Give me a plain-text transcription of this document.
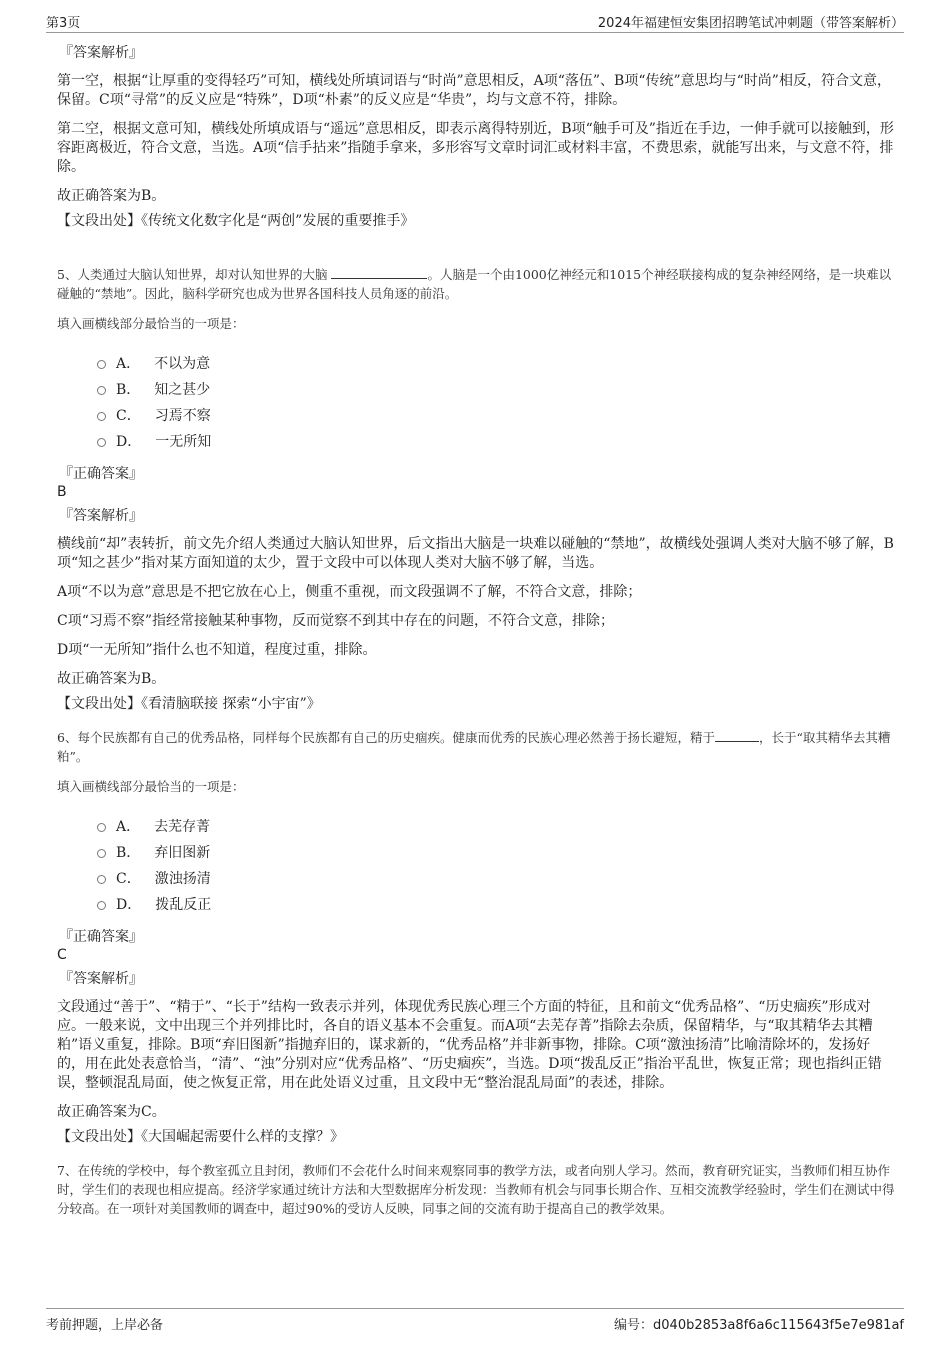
第3页	2024年福建恒安集团招聘笔试冲刺题（带答案解析）

『答案解析』

第一空，根据“让厚重的变得轻巧”可知，横线处所填词语与“时尚”意思相反，A项“落伍”、B项“传统”意思均与“时尚”相反，符合文意，保留。C项“寻常”的反义应是“特殊”，D项“朴素”的反义应是“华贵”，均与文意不符，排除。

第二空，根据文意可知，横线处所填成语与“遥远”意思相反，即表示离得特别近，B项“触手可及”指近在手边，一伸手就可以接触到，形容距离极近，符合文意，当选。A项“信手拈来”指随手拿来，多形容写文章时词汇或材料丰富，不费思索，就能写出来，与文意不符，排除。

故正确答案为B。

【文段出处】《传统文化数字化是“两创”发展的重要推手》

5、人类通过大脑认知世界，却对认知世界的大脑	。人脑是一个由1000亿神经元和1015个神经联接构成的复杂神经网络，是一块难以碰触的“禁地”。因此，脑科学研究也成为世界各国科技人员角逐的前沿。

填入画横线部分最恰当的一项是：

A． 不以为意
B． 知之甚少
C． 习焉不察
D． 一无所知

『正确答案』

B

『答案解析』

横线前“却”表转折，前文先介绍人类通过大脑认知世界，后文指出大脑是一块难以碰触的“禁地”，故横线处强调人类对大脑不够了解，B项“知之甚少”指对某方面知道的太少，置于文段中可以体现人类对大脑不够了解，当选。

A项“不以为意”意思是不把它放在心上，侧重不重视，而文段强调不了解，不符合文意，排除；

C项“习焉不察”指经常接触某种事物，反而觉察不到其中存在的问题，不符合文意，排除；

D项“一无所知”指什么也不知道，程度过重，排除。

故正确答案为B。

【文段出处】《看清脑联接 探索“小宇宙”》

6、每个民族都有自己的优秀品格，同样每个民族都有自己的历史痼疾。健康而优秀的民族心理必然善于扬长避短，精于	，长于“取其精华去其糟粕”。

填入画横线部分最恰当的一项是：

A． 去芜存菁
B． 弃旧图新
C． 激浊扬清
D． 拨乱反正

『正确答案』

C

『答案解析』

文段通过“善于”、“精于”、“长于”结构一致表示并列，体现优秀民族心理三个方面的特征，且和前文“优秀品格”、“历史痼疾”形成对应。一般来说，文中出现三个并列排比时，各自的语义基本不会重复。而A项“去芜存菁”指除去杂质，保留精华，与“取其精华去其糟粕”语义重复，排除。B项“弃旧图新”指抛弃旧的，谋求新的，“优秀品格”并非新事物，排除。C项“激浊扬清”比喻清除坏的，发扬好的，用在此处表意恰当，“清”、“浊”分别对应“优秀品格”、“历史痼疾”，当选。D项“拨乱反正”指治平乱世，恢复正常；现也指纠正错误，整顿混乱局面，使之恢复正常，用在此处语义过重，且文段中无“整治混乱局面”的表述，排除。

故正确答案为C。

【文段出处】《大国崛起需要什么样的支撑？》

7、在传统的学校中，每个教室孤立且封闭，教师们不会花什么时间来观察同事的教学方法，或者向别人学习。然而，教育研究证实，当教师们相互协作时，学生们的表现也相应提高。经济学家通过统计方法和大型数据库分析发现：当教师有机会与同事长期合作、互相交流教学经验时，学生们在测试中得分较高。在一项针对美国教师的调查中，超过90%的受访人反映，同事之间的交流有助于提高自己的教学效果。

考前押题，上岸必备	编号：d040b2853a8f6a6c115643f5e7e981af
